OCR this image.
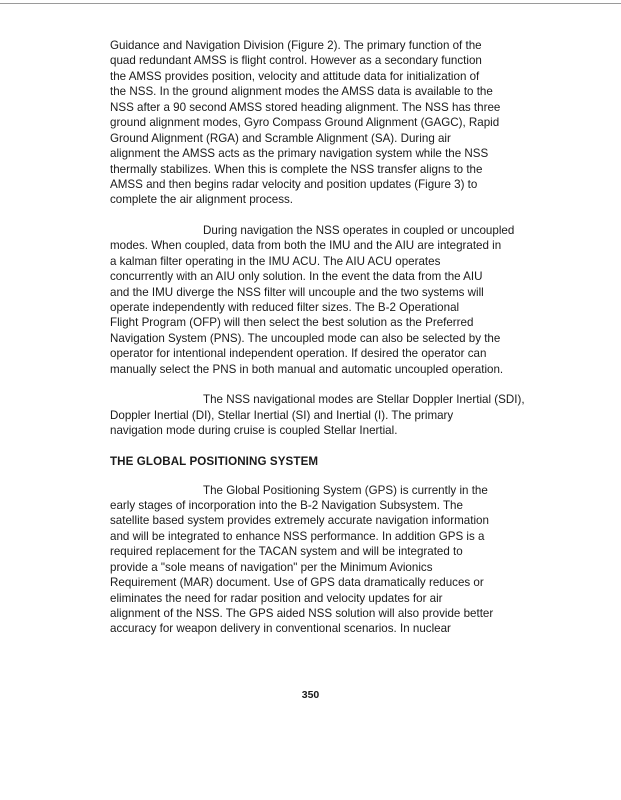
Guidance and Navigation Division (Figure 2). The primary function of the
quad redundant AMSS is flight control. However as a secondary function
the AMSS provides position, velocity and attitude data for initialization of
the NSS. In the ground alignment modes the AMSS data is available to the
NSS after a 90 second AMSS stored heading alignment. The NSS has three
ground alignment modes, Gyro Compass Ground Alignment (GAGC), Rapid
Ground Alignment (RGA) and Scramble Alignment (SA). During air
alignment the AMSS acts as the primary navigation system while the NSS
thermally stabilizes. When this is complete the NSS transfer aligns to the
AMSS and then begins radar velocity and position updates (Figure 3) to
complete the air alignment process.
During navigation the NSS operates in coupled or uncoupled
modes. When coupled, data from both the IMU and the AIU are integrated in
a kalman filter operating in the IMU ACU. The AIU ACU operates
concurrently with an AIU only solution. In the event the data from the AIU
and the IMU diverge the NSS filter will uncouple and the two systems will
operate independently with reduced filter sizes. The B-2 Operational
Flight Program (OFP) will then select the best solution as the Preferred
Navigation System (PNS). The uncoupled mode can also be selected by the
operator for intentional independent operation. If desired the operator can
manually select the PNS in both manual and automatic uncoupled operation.
The NSS navigational modes are Stellar Doppler Inertial (SDI),
Doppler Inertial (DI), Stellar Inertial (SI) and Inertial (I). The primary
navigation mode during cruise is coupled Stellar Inertial.
THE GLOBAL POSITIONING SYSTEM
The Global Positioning System (GPS) is currently in the
early stages of incorporation into the B-2 Navigation Subsystem. The
satellite based system provides extremely accurate navigation information
and will be integrated to enhance NSS performance. In addition GPS is a
required replacement for the TACAN system and will be integrated to
provide a "sole means of navigation" per the Minimum Avionics
Requirement (MAR) document. Use of GPS data dramatically reduces or
eliminates the need for radar position and velocity updates for air
alignment of the NSS. The GPS aided NSS solution will also provide better
accuracy for weapon delivery in conventional scenarios. In nuclear
350
